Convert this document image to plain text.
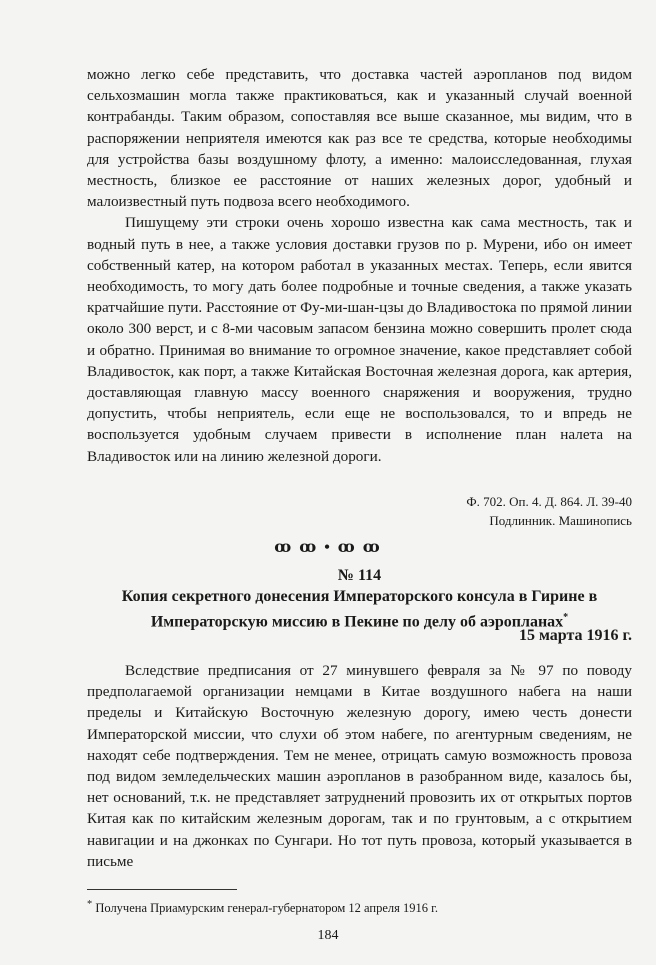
можно легко себе представить, что доставка частей аэропланов под видом сельхозмашин могла также практиковаться, как и указанный случай военной контрабанды. Таким образом, сопоставляя все выше сказанное, мы видим, что в распоряжении неприятеля имеются как раз все те средства, которые необходимы для устройства базы воздушному флоту, а именно: малоисследованная, глухая местность, близкое ее расстояние от наших железных дорог, удобный и малоизвестный путь подвоза всего необходимого.

Пишущему эти строки очень хорошо известна как сама местность, так и водный путь в нее, а также условия доставки грузов по р. Мурени, ибо он имеет собственный катер, на котором работал в указанных местах. Теперь, если явится необходимость, то могу дать более подробные и точные сведения, а также указать кратчайшие пути. Расстояние от Фу-ми-шан-цзы до Владивостока по прямой линии около 300 верст, и с 8-ми часовым запасом бензина можно совершить пролет сюда и обратно. Принимая во внимание то огромное значение, какое представляет собой Владивосток, как порт, а также Китайская Восточная железная дорога, как артерия, доставляющая главную массу военного снаряжения и вооружения, трудно допустить, чтобы неприятель, если еще не воспользовался, то и впредь не воспользуется удобным случаем привести в исполнение план налета на Владивосток или на линию железной дороги.

Ф. 702. Оп. 4. Д. 864. Л. 39-40
Подлинник. Машинопись
ꝏ ꝏ • ꝏ ꝏ
№ 114
Копия секретного донесения Императорского консула в Гирине в Императорскую миссию в Пекине по делу об аэропланах*
15 марта 1916 г.

Вследствие предписания от 27 минувшего февраля за № 97 по поводу предполагаемой организации немцами в Китае воздушного набега на наши пределы и Китайскую Восточную железную дорогу, имею честь донести Императорской миссии, что слухи об этом набеге, по агентурным сведениям, не находят себе подтверждения. Тем не менее, отрицать самую возможность провоза под видом земледельческих машин аэропланов в разобранном виде, казалось бы, нет оснований, т.к. не представляет затруднений провозить их от открытых портов Китая как по китайским железным дорогам, так и по грунтовым, а с открытием навигации и на джонках по Сунгари. Но тот путь провоза, который указывается в письме

* Получена Приамурским генерал-губернатором 12 апреля 1916 г.
184
